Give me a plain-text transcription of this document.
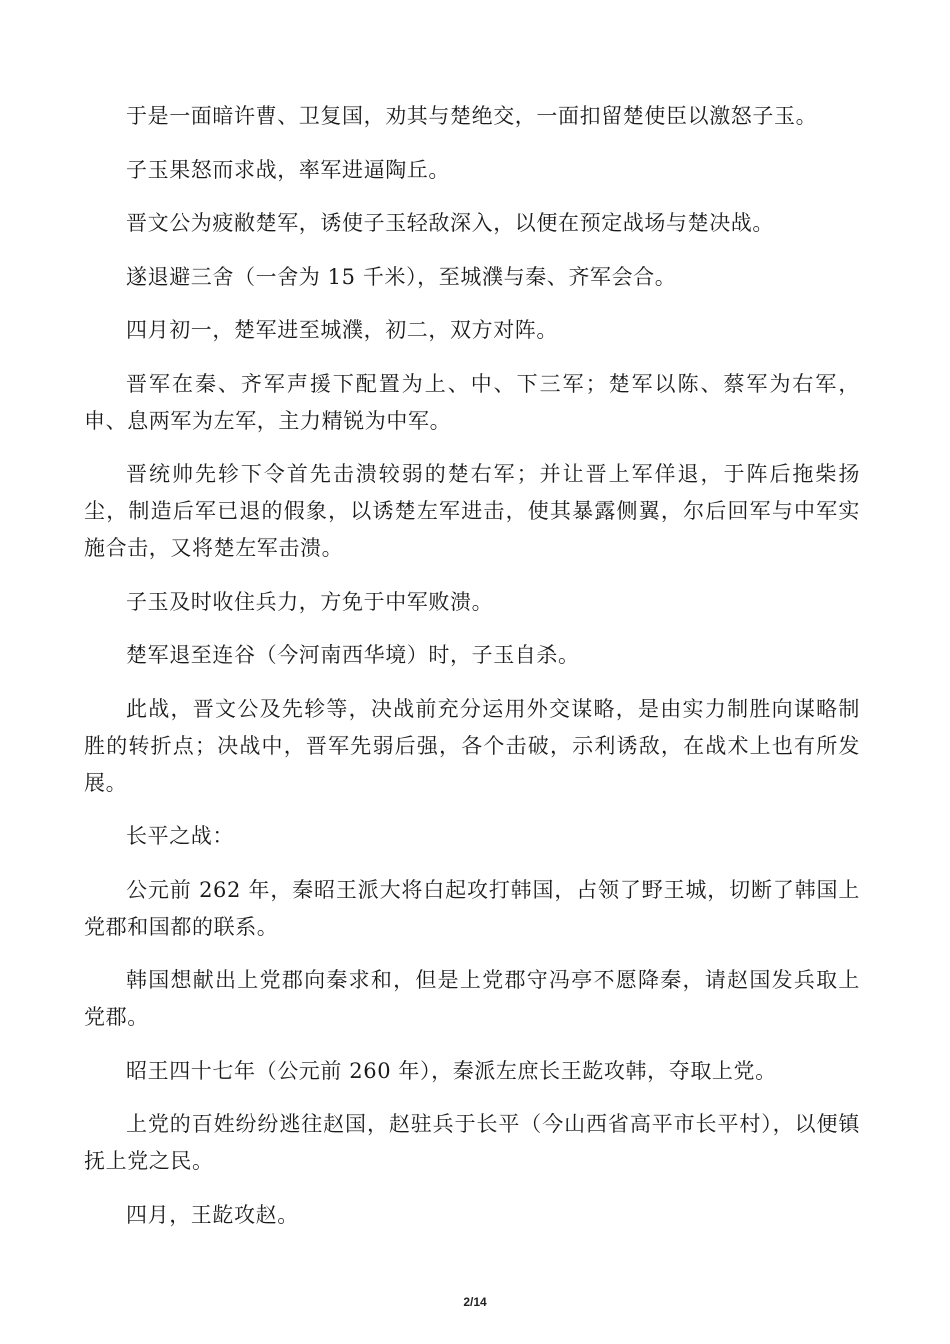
于是一面暗许曹、卫复国，劝其与楚绝交，一面扣留楚使臣以激怒子玉。

子玉果怒而求战，率军进逼陶丘。

晋文公为疲敝楚军，诱使子玉轻敌深入，以便在预定战场与楚决战。

遂退避三舍（一舍为 15 千米），至城濮与秦、齐军会合。

四月初一，楚军进至城濮，初二，双方对阵。

晋军在秦、齐军声援下配置为上、中、下三军；楚军以陈、蔡军为右军，申、息两军为左军，主力精锐为中军。

晋统帅先轸下令首先击溃较弱的楚右军；并让晋上军佯退，于阵后拖柴扬尘，制造后军已退的假象，以诱楚左军进击，使其暴露侧翼，尔后回军与中军实施合击，又将楚左军击溃。

子玉及时收住兵力，方免于中军败溃。

楚军退至连谷（今河南西华境）时，子玉自杀。

此战，晋文公及先轸等，决战前充分运用外交谋略，是由实力制胜向谋略制胜的转折点；决战中，晋军先弱后强，各个击破，示利诱敌，在战术上也有所发展。

长平之战：

公元前 262 年，秦昭王派大将白起攻打韩国，占领了野王城，切断了韩国上党郡和国都的联系。

韩国想献出上党郡向秦求和，但是上党郡守冯亭不愿降秦，请赵国发兵取上党郡。

昭王四十七年（公元前 260 年），秦派左庶长王龁攻韩，夺取上党。

上党的百姓纷纷逃往赵国，赵驻兵于长平（今山西省高平市长平村），以便镇抚上党之民。

四月，王龁攻赵。

2/14
